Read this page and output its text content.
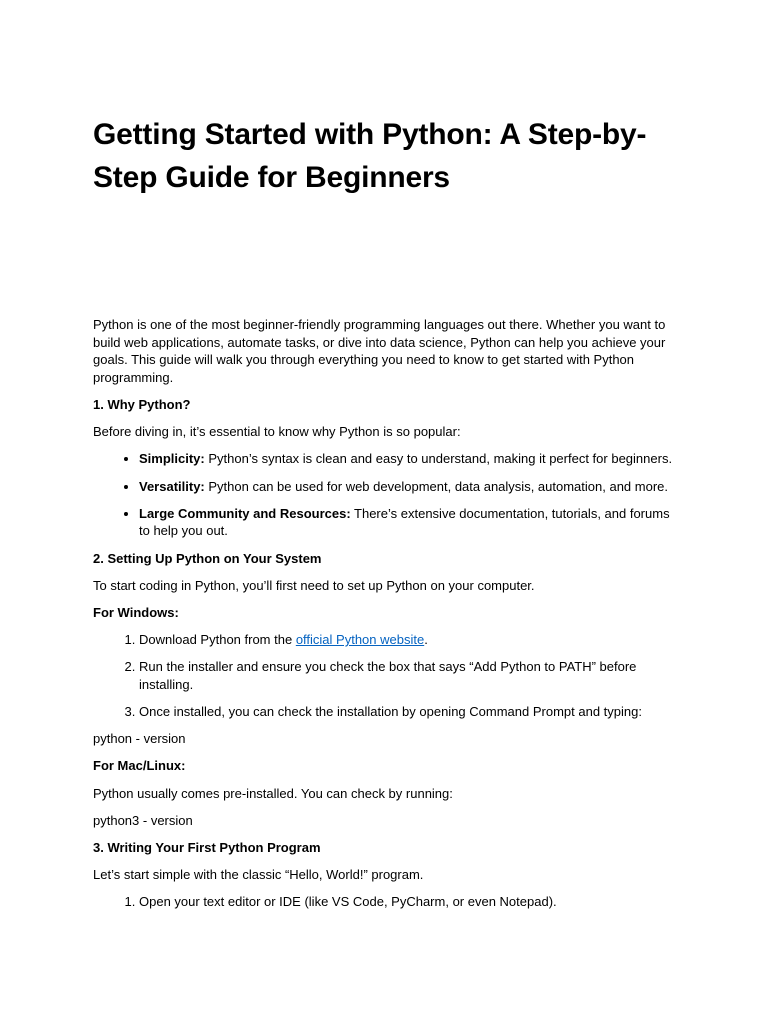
Getting Started with Python: A Step-by-Step Guide for Beginners

Python is one of the most beginner-friendly programming languages out there. Whether you want to build web applications, automate tasks, or dive into data science, Python can help you achieve your goals. This guide will walk you through everything you need to know to get started with Python programming.

1. Why Python?

Before diving in, it’s essential to know why Python is so popular:

• Simplicity: Python’s syntax is clean and easy to understand, making it perfect for beginners.
• Versatility: Python can be used for web development, data analysis, automation, and more.
• Large Community and Resources: There’s extensive documentation, tutorials, and forums to help you out.

2. Setting Up Python on Your System

To start coding in Python, you’ll first need to set up Python on your computer.

For Windows:

1. Download Python from the official Python website.
2. Run the installer and ensure you check the box that says “Add Python to PATH” before installing.
3. Once installed, you can check the installation by opening Command Prompt and typing:

python - version

For Mac/Linux:

Python usually comes pre-installed. You can check by running:

python3 - version

3. Writing Your First Python Program

Let’s start simple with the classic “Hello, World!” program.

1. Open your text editor or IDE (like VS Code, PyCharm, or even Notepad).
